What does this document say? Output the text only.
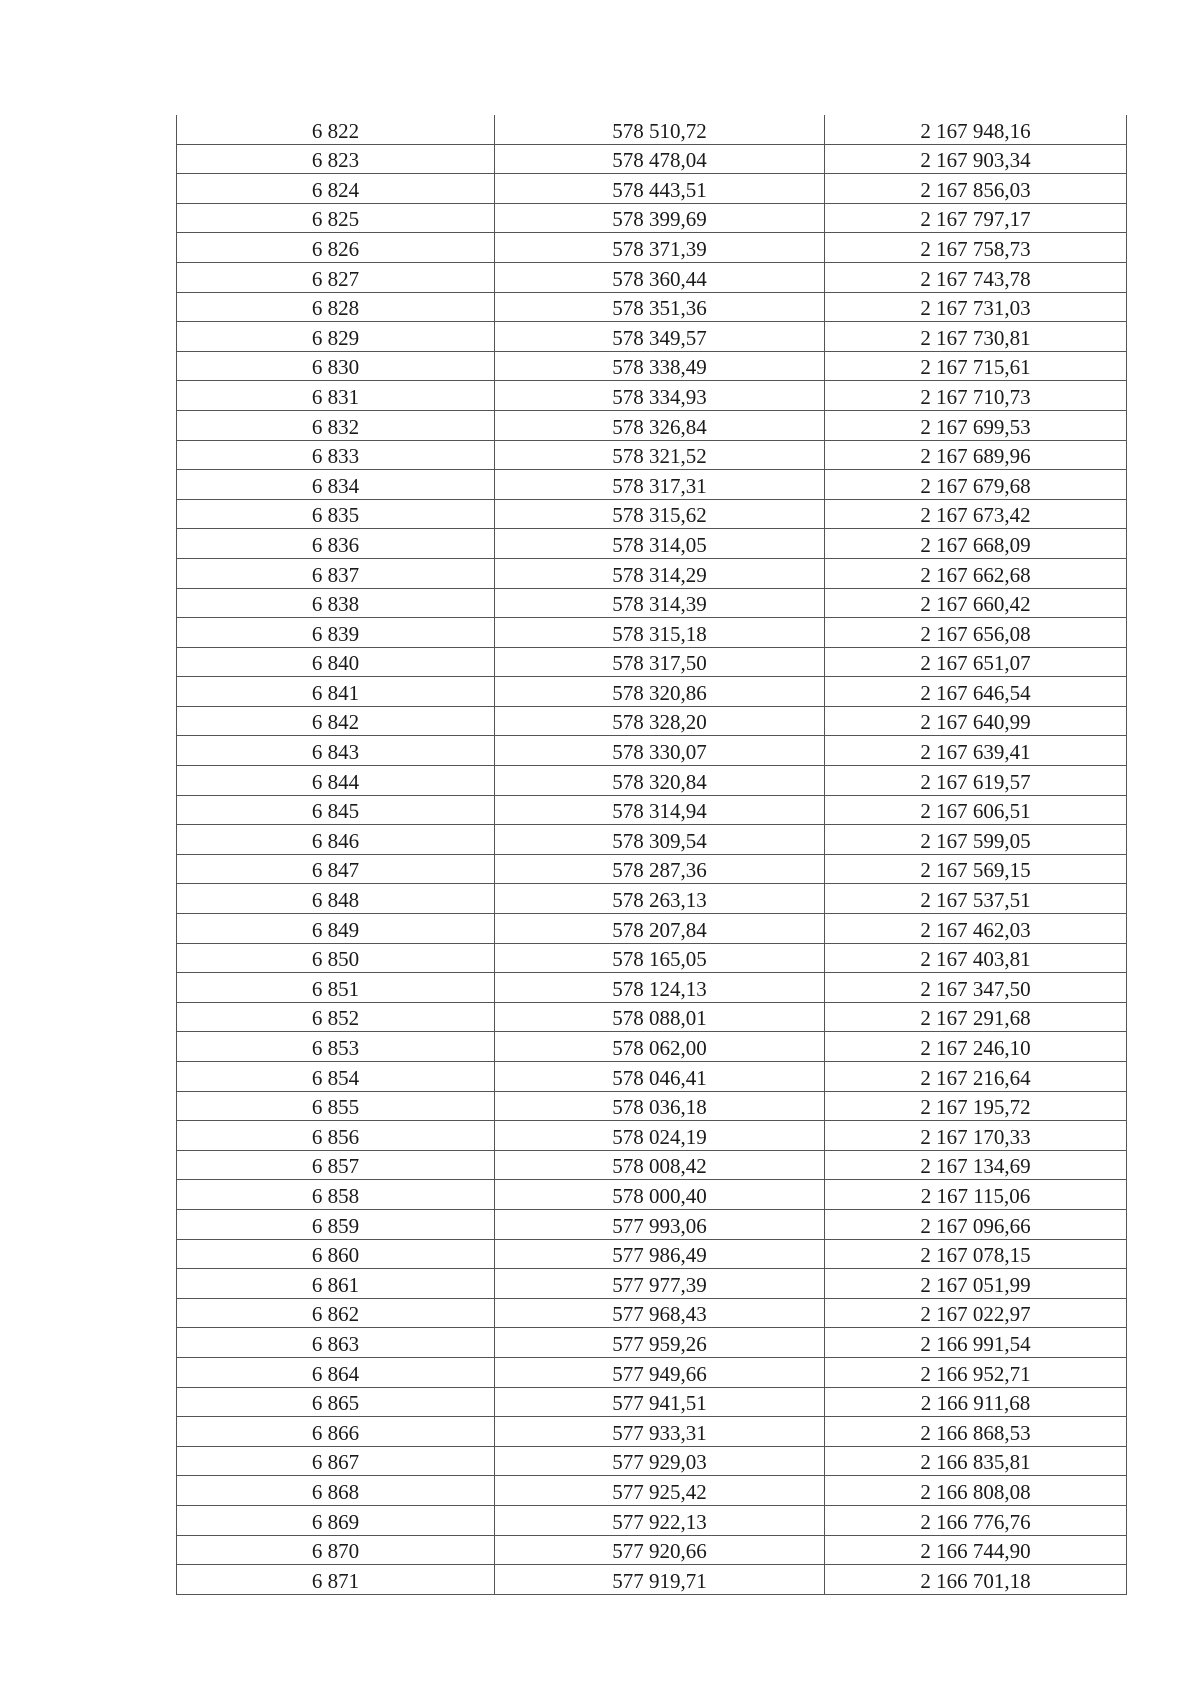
6 822	578 510,72	2 167 948,16
6 823	578 478,04	2 167 903,34
6 824	578 443,51	2 167 856,03
6 825	578 399,69	2 167 797,17
6 826	578 371,39	2 167 758,73
6 827	578 360,44	2 167 743,78
6 828	578 351,36	2 167 731,03
6 829	578 349,57	2 167 730,81
6 830	578 338,49	2 167 715,61
6 831	578 334,93	2 167 710,73
6 832	578 326,84	2 167 699,53
6 833	578 321,52	2 167 689,96
6 834	578 317,31	2 167 679,68
6 835	578 315,62	2 167 673,42
6 836	578 314,05	2 167 668,09
6 837	578 314,29	2 167 662,68
6 838	578 314,39	2 167 660,42
6 839	578 315,18	2 167 656,08
6 840	578 317,50	2 167 651,07
6 841	578 320,86	2 167 646,54
6 842	578 328,20	2 167 640,99
6 843	578 330,07	2 167 639,41
6 844	578 320,84	2 167 619,57
6 845	578 314,94	2 167 606,51
6 846	578 309,54	2 167 599,05
6 847	578 287,36	2 167 569,15
6 848	578 263,13	2 167 537,51
6 849	578 207,84	2 167 462,03
6 850	578 165,05	2 167 403,81
6 851	578 124,13	2 167 347,50
6 852	578 088,01	2 167 291,68
6 853	578 062,00	2 167 246,10
6 854	578 046,41	2 167 216,64
6 855	578 036,18	2 167 195,72
6 856	578 024,19	2 167 170,33
6 857	578 008,42	2 167 134,69
6 858	578 000,40	2 167 115,06
6 859	577 993,06	2 167 096,66
6 860	577 986,49	2 167 078,15
6 861	577 977,39	2 167 051,99
6 862	577 968,43	2 167 022,97
6 863	577 959,26	2 166 991,54
6 864	577 949,66	2 166 952,71
6 865	577 941,51	2 166 911,68
6 866	577 933,31	2 166 868,53
6 867	577 929,03	2 166 835,81
6 868	577 925,42	2 166 808,08
6 869	577 922,13	2 166 776,76
6 870	577 920,66	2 166 744,90
6 871	577 919,71	2 166 701,18
